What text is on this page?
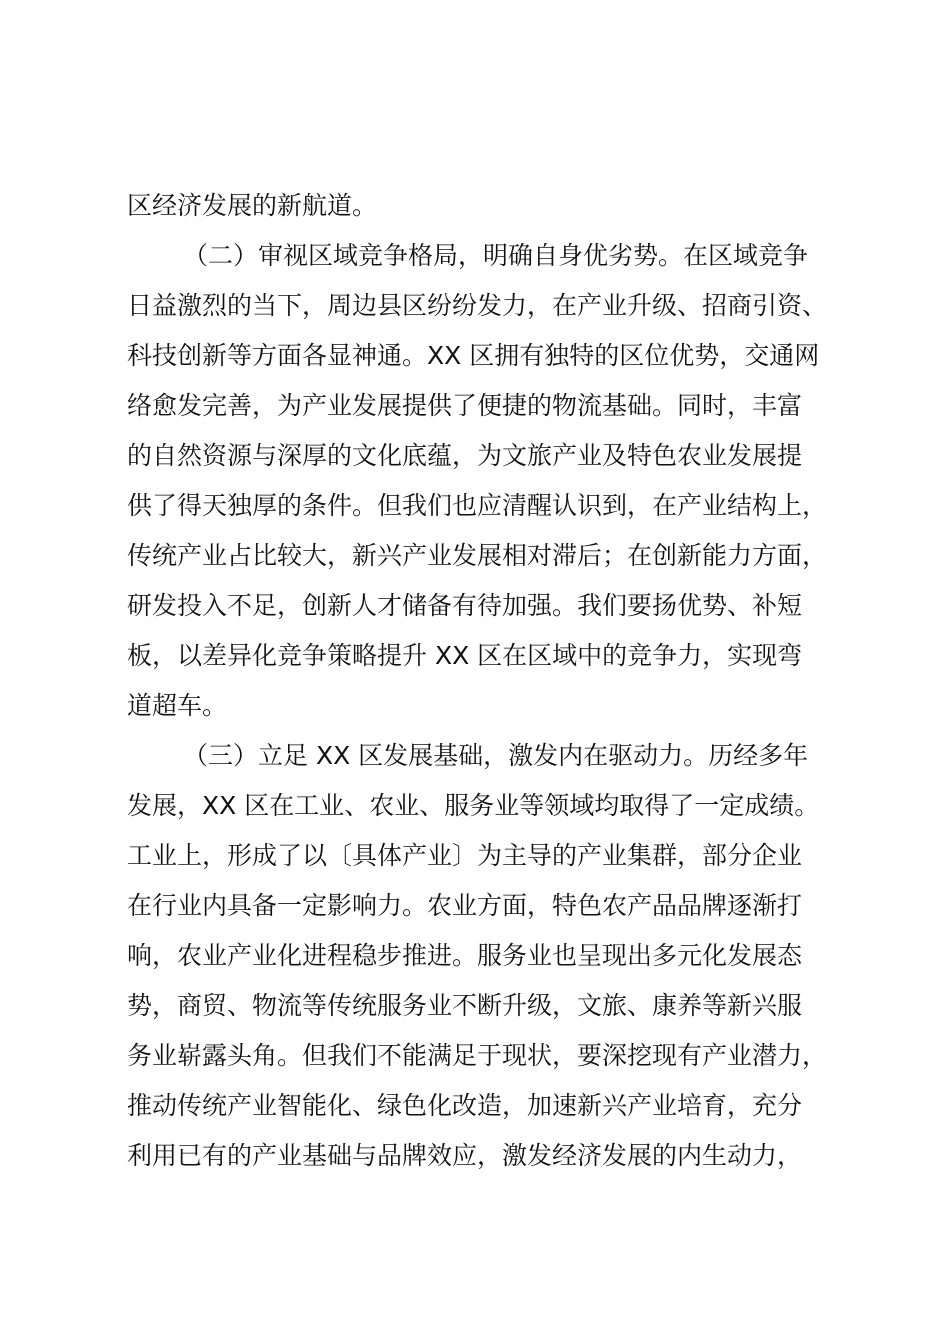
区经济发展的新航道。
（二）审视区域竞争格局，明确自身优劣势。在区域竞争
日益激烈的当下，周边县区纷纷发力，在产业升级、招商引资、
科技创新等方面各显神通。XX 区拥有独特的区位优势，交通网
络愈发完善，为产业发展提供了便捷的物流基础。同时，丰富
的自然资源与深厚的文化底蕴，为文旅产业及特色农业发展提
供了得天独厚的条件。但我们也应清醒认识到，在产业结构上，
传统产业占比较大，新兴产业发展相对滞后；在创新能力方面，
研发投入不足，创新人才储备有待加强。我们要扬优势、补短
板，以差异化竞争策略提升 XX 区在区域中的竞争力，实现弯
道超车。
（三）立足 XX 区发展基础，激发内在驱动力。历经多年
发展，XX 区在工业、农业、服务业等领域均取得了一定成绩。
工业上，形成了以〔具体产业〕为主导的产业集群，部分企业
在行业内具备一定影响力。农业方面，特色农产品品牌逐渐打
响，农业产业化进程稳步推进。服务业也呈现出多元化发展态
势，商贸、物流等传统服务业不断升级，文旅、康养等新兴服
务业崭露头角。但我们不能满足于现状，要深挖现有产业潜力，
推动传统产业智能化、绿色化改造，加速新兴产业培育，充分
利用已有的产业基础与品牌效应，激发经济发展的内生动力，
